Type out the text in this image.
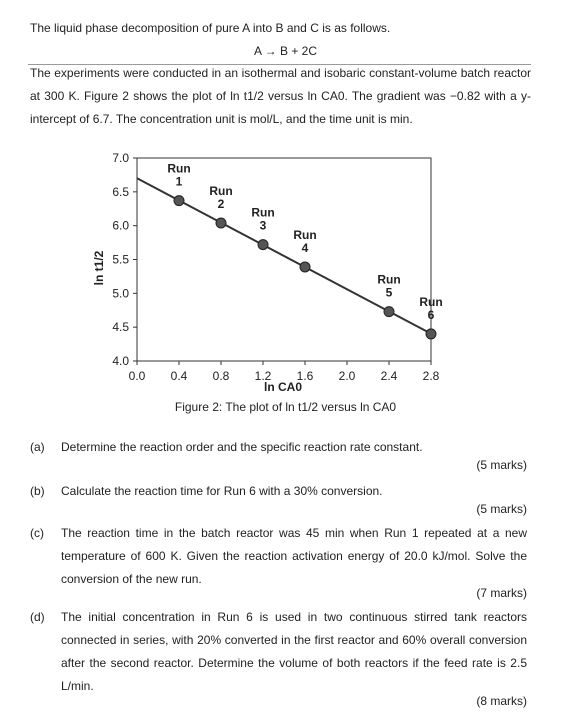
The liquid phase decomposition of pure A into B and C is as follows.
A → B + 2C
The experiments were conducted in an isothermal and isobaric constant-volume batch reactor at 300 K. Figure 2 shows the plot of ln t1/2 versus ln CA0. The gradient was −0.82 with a y-intercept of 6.7. The concentration unit is mol/L, and the time unit is min.
0.0 0.4 0.8 1.2 1.6 2.0 2.4 2.8
4.0
4.5
5.0
5.5
6.0
6.5
7.0
Run 1
Run 2
Run 3
Run 4
Run 5
Run 6
ln CA0
ln t1/2
Figure 2: The plot of ln t1/2 versus ln CA0
(a) Determine the reaction order and the specific reaction rate constant.
(5 marks)
(b) Calculate the reaction time for Run 6 with a 30% conversion.
(5 marks)
(c) The reaction time in the batch reactor was 45 min when Run 1 repeated at a new temperature of 600 K. Given the reaction activation energy of 20.0 kJ/mol. Solve the conversion of the new run.
(7 marks)
(d) The initial concentration in Run 6 is used in two continuous stirred tank reactors connected in series, with 20% converted in the first reactor and 60% overall conversion after the second reactor. Determine the volume of both reactors if the feed rate is 2.5 L/min.
(8 marks)
